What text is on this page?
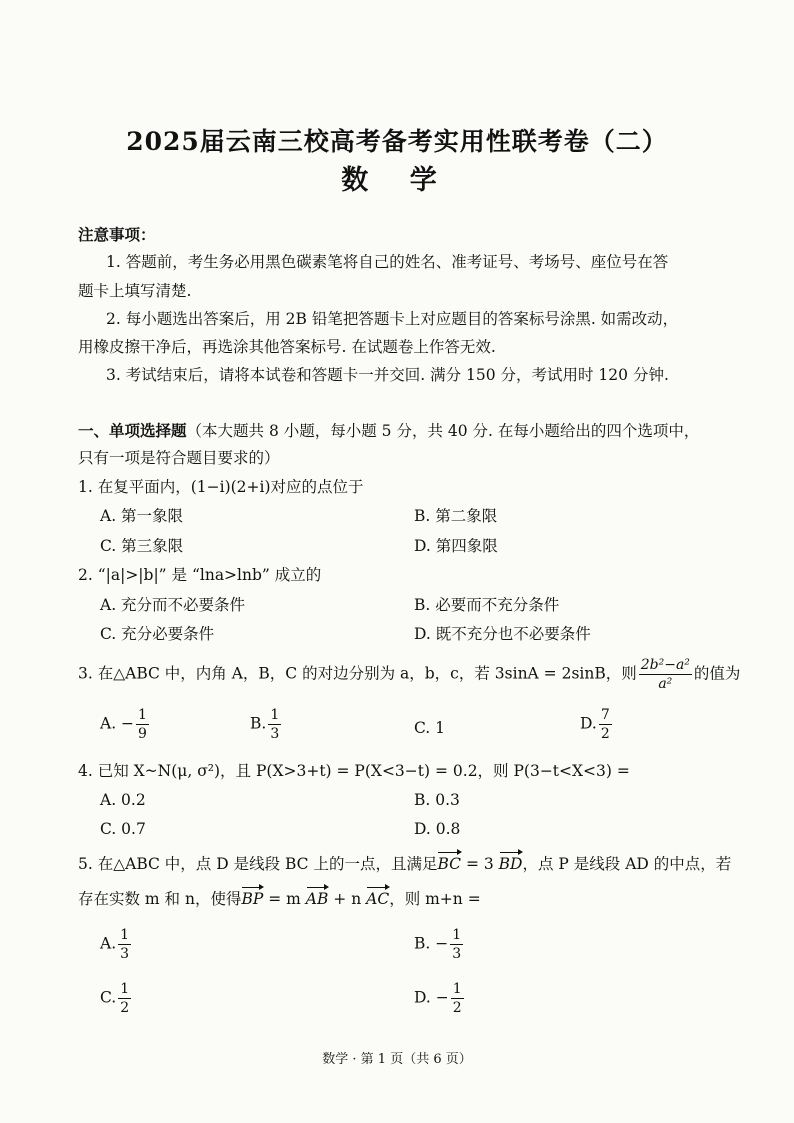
2025届云南三校高考备考实用性联考卷（二）
数 学
注意事项：
1. 答题前，考生务必用黑色碳素笔将自己的姓名、准考证号、考场号、座位号在答
题卡上填写清楚.
2. 每小题选出答案后，用 2B 铅笔把答题卡上对应题目的答案标号涂黑. 如需改动，
用橡皮擦干净后，再选涂其他答案标号. 在试题卷上作答无效.
3. 考试结束后，请将本试卷和答题卡一并交回. 满分 150 分，考试用时 120 分钟.
一、单项选择题（本大题共 8 小题，每小题 5 分，共 40 分. 在每小题给出的四个选项中，
只有一项是符合题目要求的）
1. 在复平面内，(1−i)(2+i)对应的点位于
A. 第一象限	B. 第二象限
C. 第三象限	D. 第四象限
2. “|a|>|b|” 是 “lna>lnb” 成立的
A. 充分而不必要条件	B. 必要而不充分条件
C. 充分必要条件	D. 既不充分也不必要条件
3. 在△ABC 中，内角 A，B，C 的对边分别为 a，b，c，若 3sinA = 2sinB，则 $\frac{\text{2b²−a²}}{\text{a²}}$ 的值为
A. − $\frac{1}{9}$	B. $\frac{1}{3}$	C. 1	D. $\frac{7}{2}$
4. 已知 X~N(μ, σ²)，且 P(X>3+t) = P(X<3−t) = 0.2，则 P(3−t<X<3) =
A. 0.2	B. 0.3
C. 0.7	D. 0.8
5. 在△ABC 中，点 D 是线段 BC 上的一点，且满足BC = 3 BD，点 P 是线段 AD 的中点，若
存在实数 m 和 n，使得BP = m AB + n AC，则 m+n =
A. $\frac{1}{3}$	B. − $\frac{1}{3}$
C. $\frac{1}{2}$	D. − $\frac{1}{2}$
数学 · 第 1 页（共 6 页）
